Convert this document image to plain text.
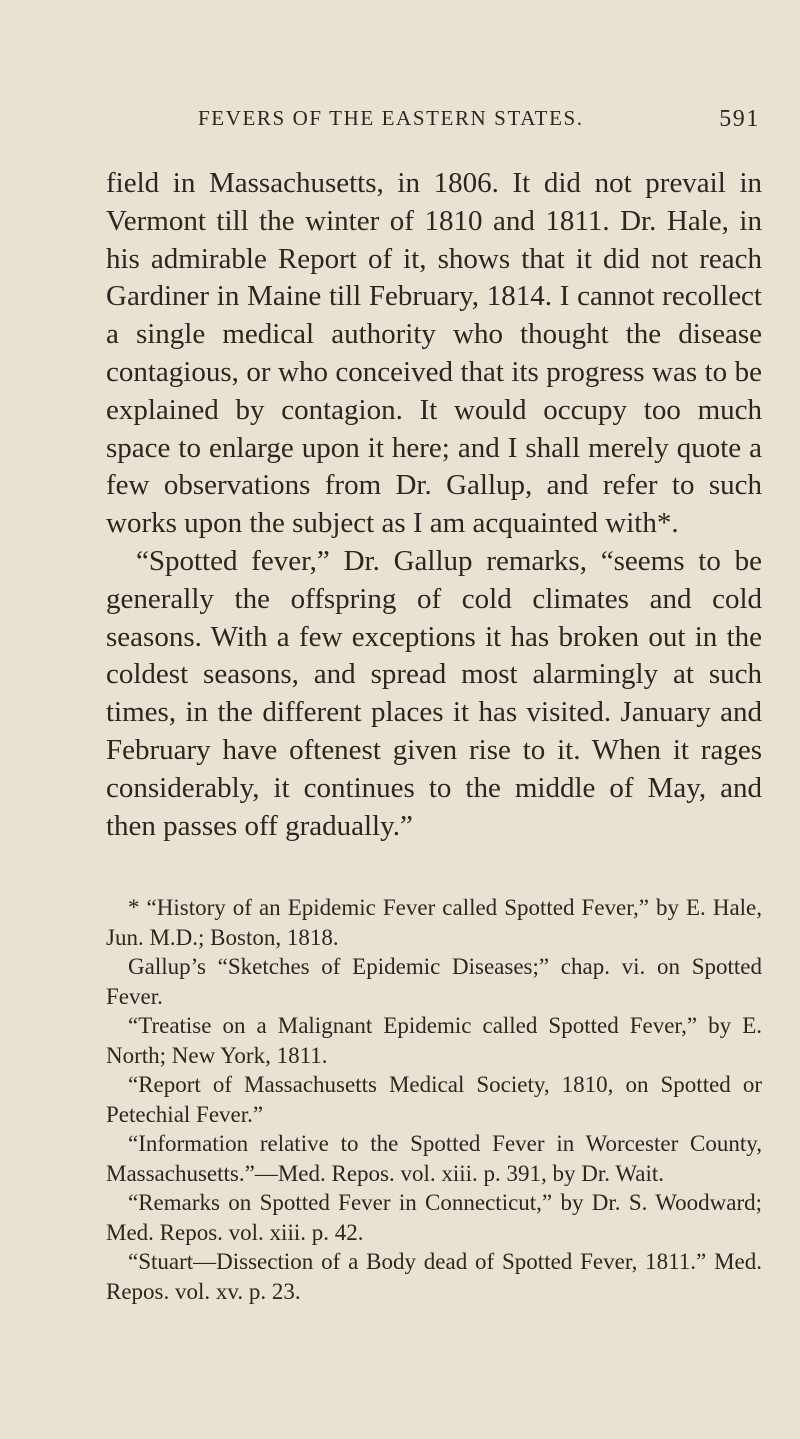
FEVERS OF THE EASTERN STATES.	591

field in Massachusetts, in 1806. It did not prevail in Vermont till the winter of 1810 and 1811. Dr. Hale, in his admirable Report of it, shows that it did not reach Gardiner in Maine till February, 1814. I cannot recollect a single medical authority who thought the disease contagious, or who conceived that its progress was to be explained by contagion. It would occupy too much space to enlarge upon it here; and I shall merely quote a few observations from Dr. Gallup, and refer to such works upon the subject as I am acquainted with*.

“Spotted fever,” Dr. Gallup remarks, “seems to be generally the offspring of cold climates and cold seasons. With a few exceptions it has broken out in the coldest seasons, and spread most alarmingly at such times, in the different places it has visited. January and February have oftenest given rise to it. When it rages considerably, it continues to the middle of May, and then passes off gradually.”

* “History of an Epidemic Fever called Spotted Fever,” by E. Hale, Jun. M.D.; Boston, 1818.

Gallup’s “Sketches of Epidemic Diseases;” chap. vi. on Spotted Fever.

“Treatise on a Malignant Epidemic called Spotted Fever,” by E. North; New York, 1811.

“Report of Massachusetts Medical Society, 1810, on Spotted or Petechial Fever.”

“Information relative to the Spotted Fever in Worcester County, Massachusetts.”—Med. Repos. vol. xiii. p. 391, by Dr. Wait.

“Remarks on Spotted Fever in Connecticut,” by Dr. S. Woodward; Med. Repos. vol. xiii. p. 42.

“Stuart—Dissection of a Body dead of Spotted Fever, 1811.” Med. Repos. vol. xv. p. 23.
